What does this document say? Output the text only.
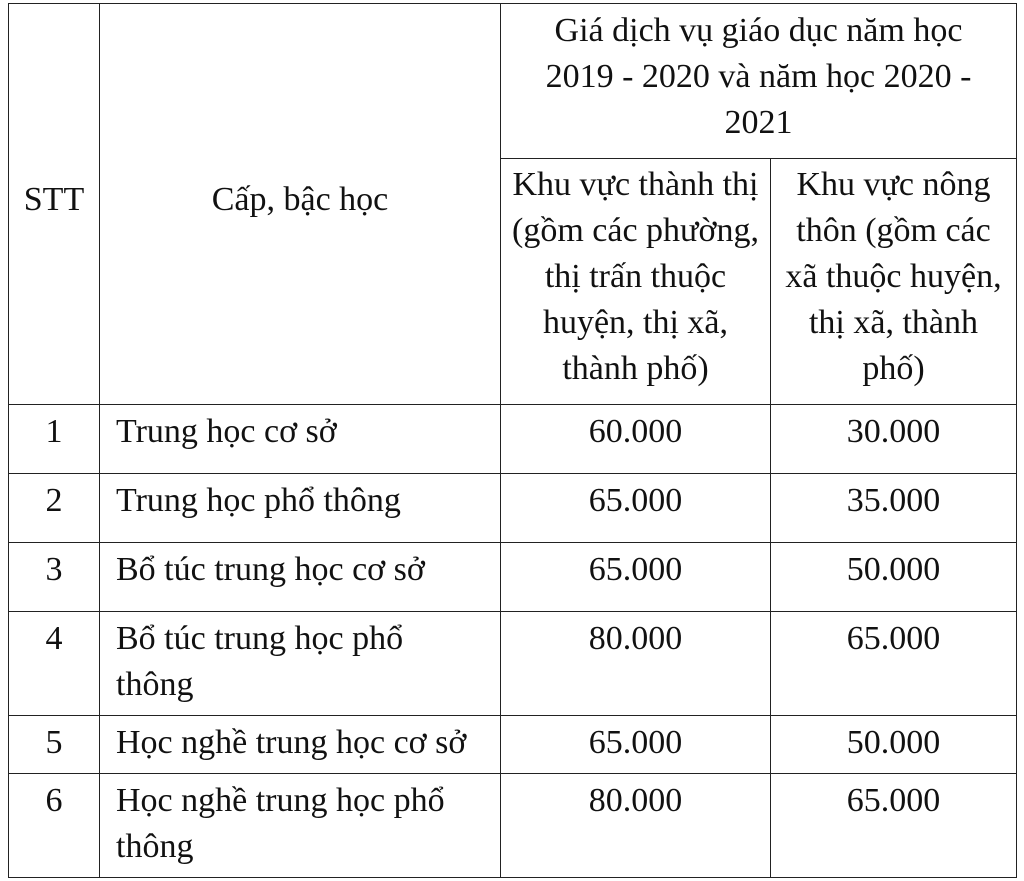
STT	Cấp, bậc học	Giá dịch vụ giáo dục năm học 2019 - 2020 và năm học 2020 - 2021	

		Khu vực thành thị (gồm các phường, thị trấn thuộc huyện, thị xã, thành phố)	Khu vực nông thôn (gồm các xã thuộc huyện, thị xã, thành phố)

1	Trung học cơ sở	60.000	30.000
2	Trung học phổ thông	65.000	35.000
3	Bổ túc trung học cơ sở	65.000	50.000
4	Bổ túc trung học phổ thông	80.000	65.000
5	Học nghề trung học cơ sở	65.000	50.000
6	Học nghề trung học phổ thông	80.000	65.000
